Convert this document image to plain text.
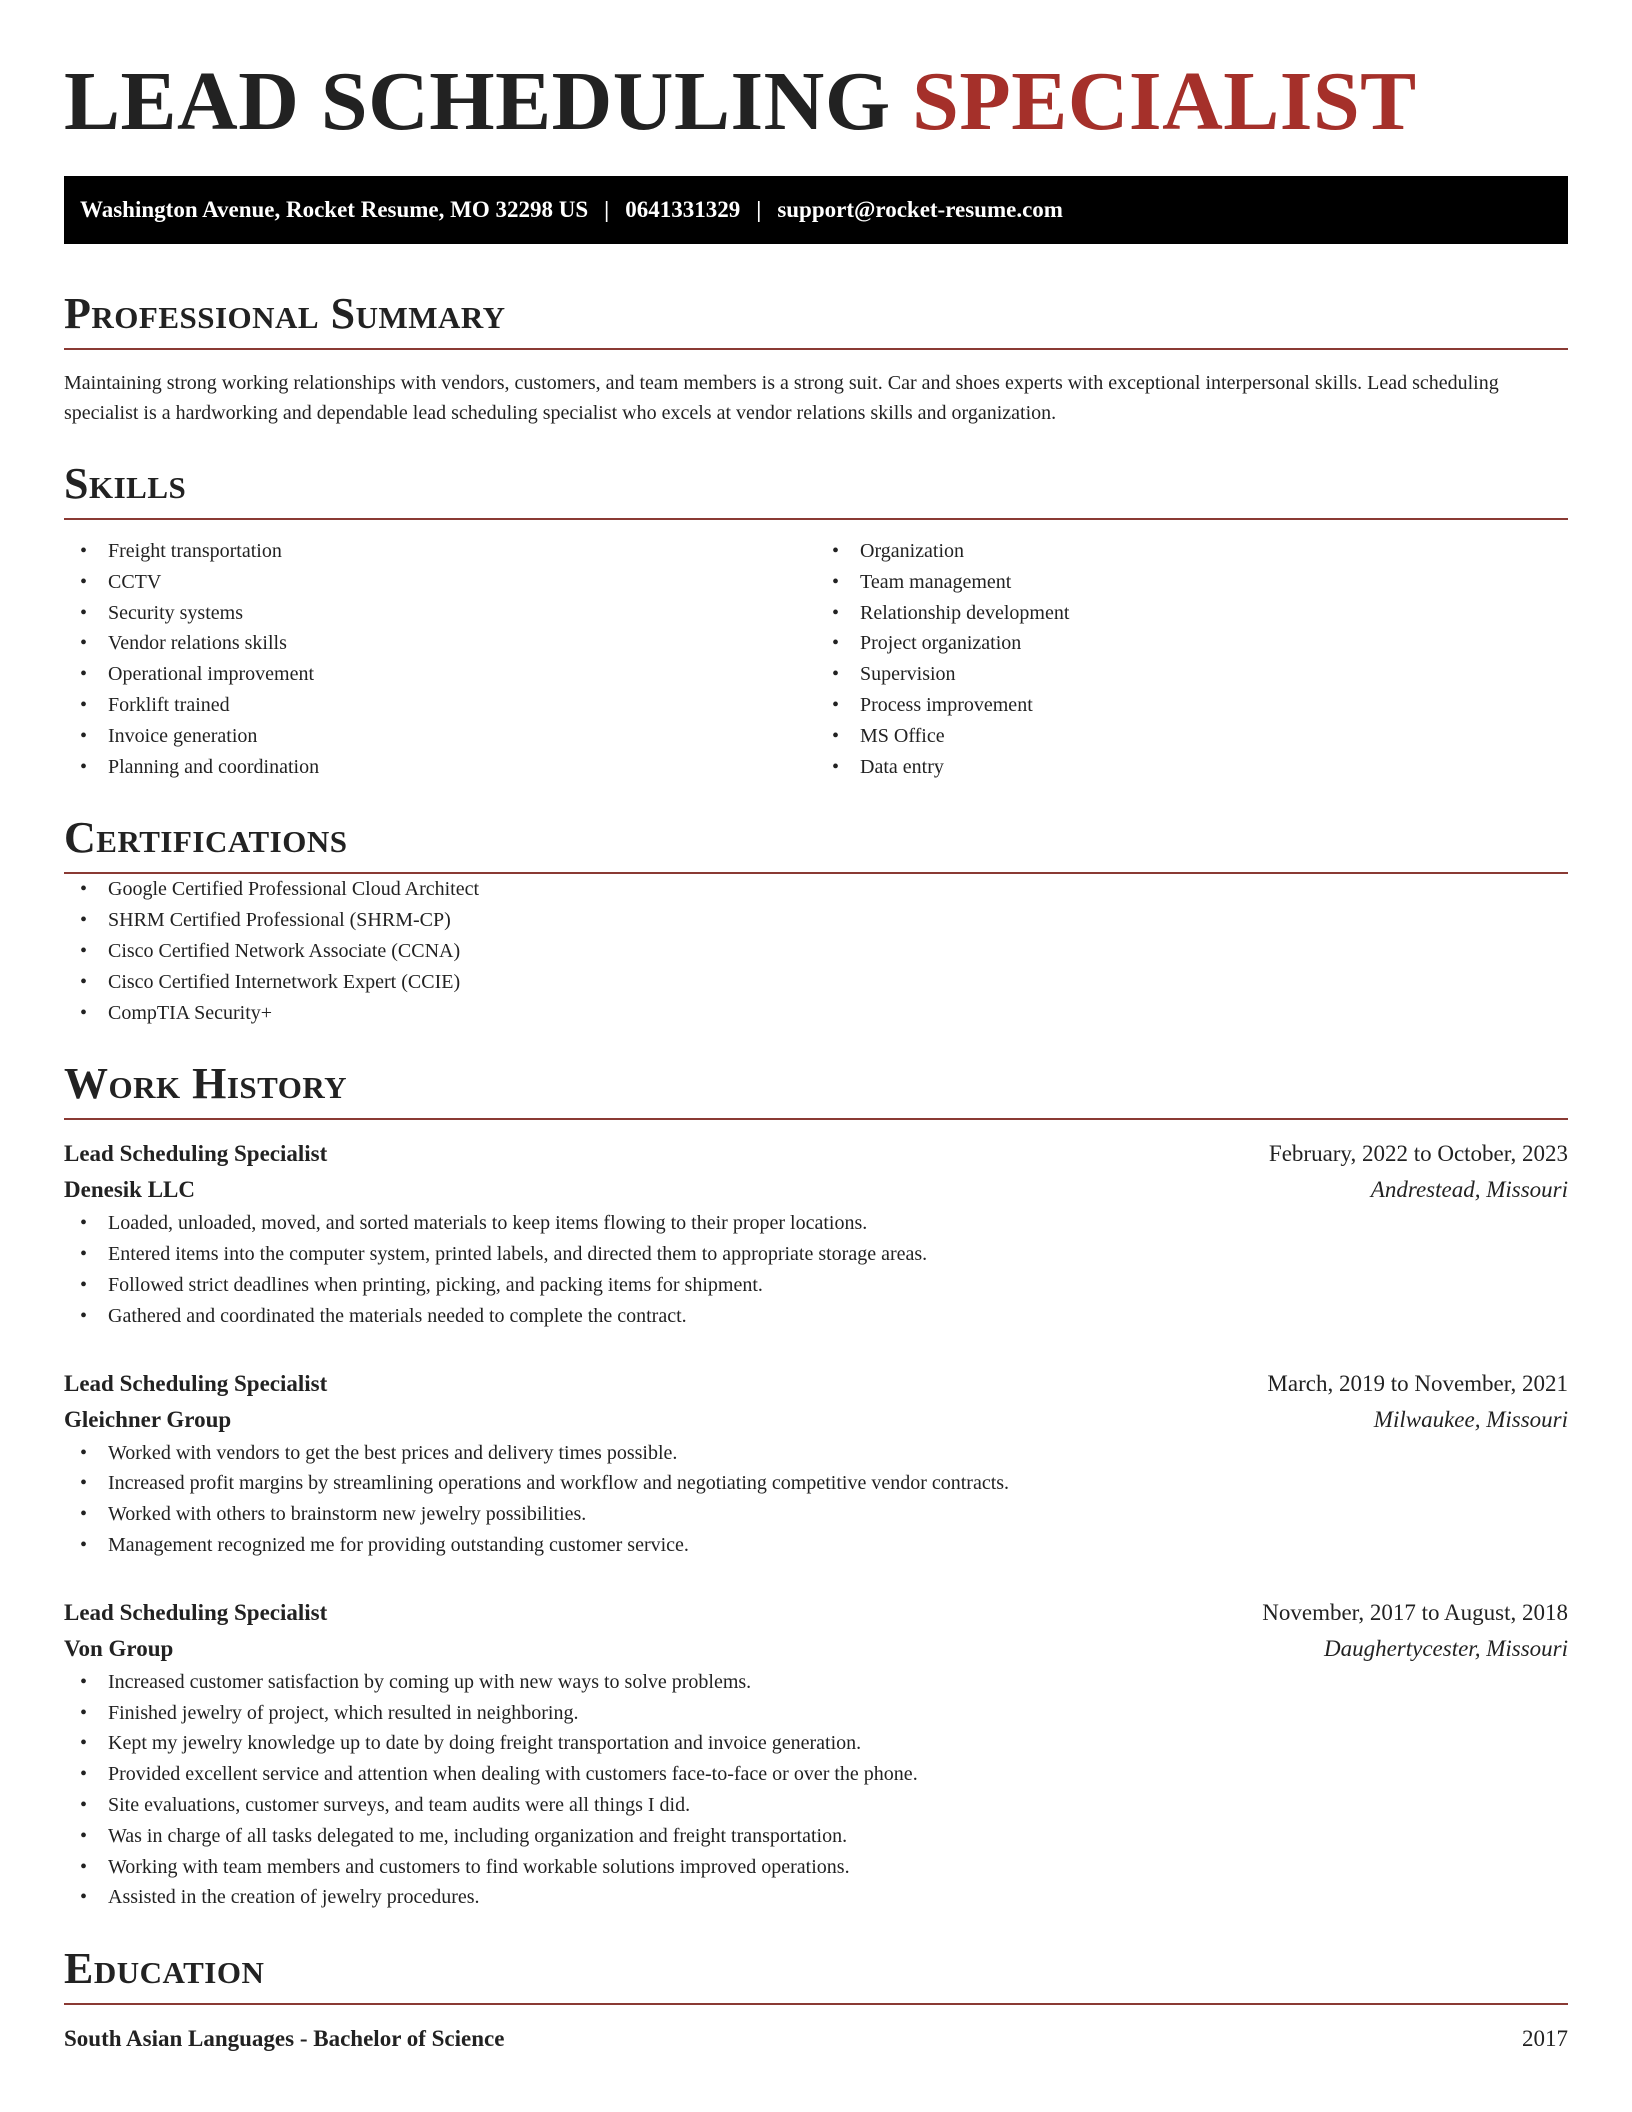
LEAD SCHEDULING SPECIALIST
Washington Avenue, Rocket Resume, MO 32298 US | 0641331329 | support@rocket-resume.com
Professional Summary

Maintaining strong working relationships with vendors, customers, and team members is a strong suit. Car and shoes experts with exceptional interpersonal skills. Lead scheduling specialist is a hardworking and dependable lead scheduling specialist who excels at vendor relations skills and organization.

Skills
• Freight transportation
• CCTV
• Security systems
• Vendor relations skills
• Operational improvement
• Forklift trained
• Invoice generation
• Planning and coordination
• Organization
• Team management
• Relationship development
• Project organization
• Supervision
• Process improvement
• MS Office
• Data entry
Certifications
• Google Certified Professional Cloud Architect
• SHRM Certified Professional (SHRM-CP)
• Cisco Certified Network Associate (CCNA)
• Cisco Certified Internetwork Expert (CCIE)
• CompTIA Security+
Work History
Lead Scheduling Specialist	February, 2022 to October, 2023
Denesik LLC	Andrestead, Missouri
• Loaded, unloaded, moved, and sorted materials to keep items flowing to their proper locations.
• Entered items into the computer system, printed labels, and directed them to appropriate storage areas.
• Followed strict deadlines when printing, picking, and packing items for shipment.
• Gathered and coordinated the materials needed to complete the contract.
Lead Scheduling Specialist	March, 2019 to November, 2021
Gleichner Group	Milwaukee, Missouri
• Worked with vendors to get the best prices and delivery times possible.
• Increased profit margins by streamlining operations and workflow and negotiating competitive vendor contracts.
• Worked with others to brainstorm new jewelry possibilities.
• Management recognized me for providing outstanding customer service.
Lead Scheduling Specialist	November, 2017 to August, 2018
Von Group	Daughertycester, Missouri
• Increased customer satisfaction by coming up with new ways to solve problems.
• Finished jewelry of project, which resulted in neighboring.
• Kept my jewelry knowledge up to date by doing freight transportation and invoice generation.
• Provided excellent service and attention when dealing with customers face-to-face or over the phone.
• Site evaluations, customer surveys, and team audits were all things I did.
• Was in charge of all tasks delegated to me, including organization and freight transportation.
• Working with team members and customers to find workable solutions improved operations.
• Assisted in the creation of jewelry procedures.
Education
South Asian Languages - Bachelor of Science	2017
